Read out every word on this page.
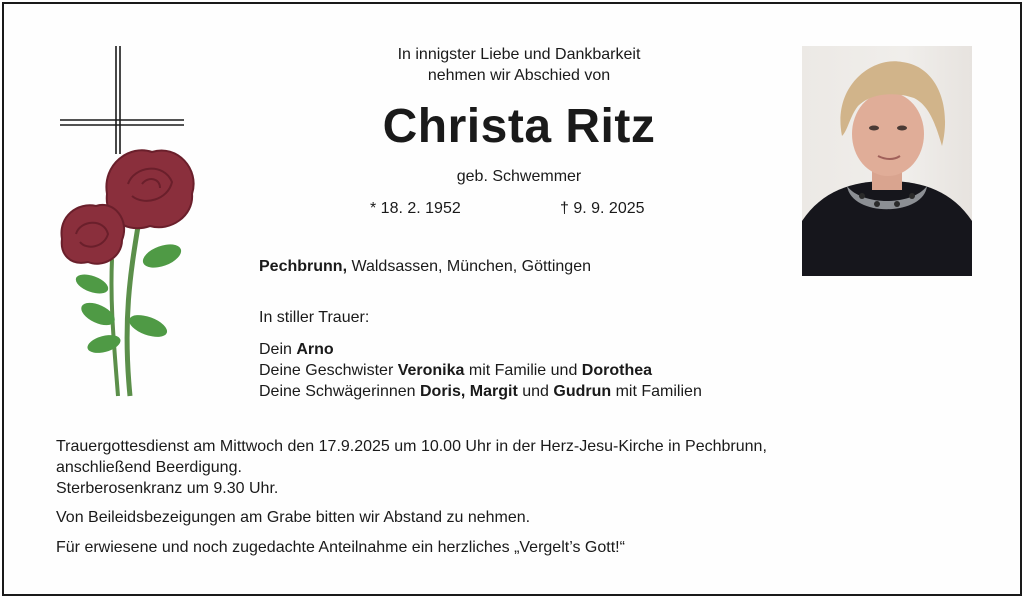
In innigster Liebe und Dankbarkeit
nehmen wir Abschied von
Christa Ritz
geb. Schwemmer
* 18. 2. 1952	† 9. 9. 2025
Pechbrunn, Waldsassen, München, Göttingen
In stiller Trauer:
Dein Arno
Deine Geschwister Veronika mit Familie und Dorothea
Deine Schwägerinnen Doris, Margit und Gudrun mit Familien
Trauergottesdienst am Mittwoch den 17.9.2025 um 10.00 Uhr in der Herz-Jesu-Kirche in Pechbrunn,
anschließend Beerdigung.
Sterberosenkranz um 9.30 Uhr.
Von Beileidsbezeigungen am Grabe bitten wir Abstand zu nehmen.
Für erwiesene und noch zugedachte Anteilnahme ein herzliches „Vergelt’s Gott!“
